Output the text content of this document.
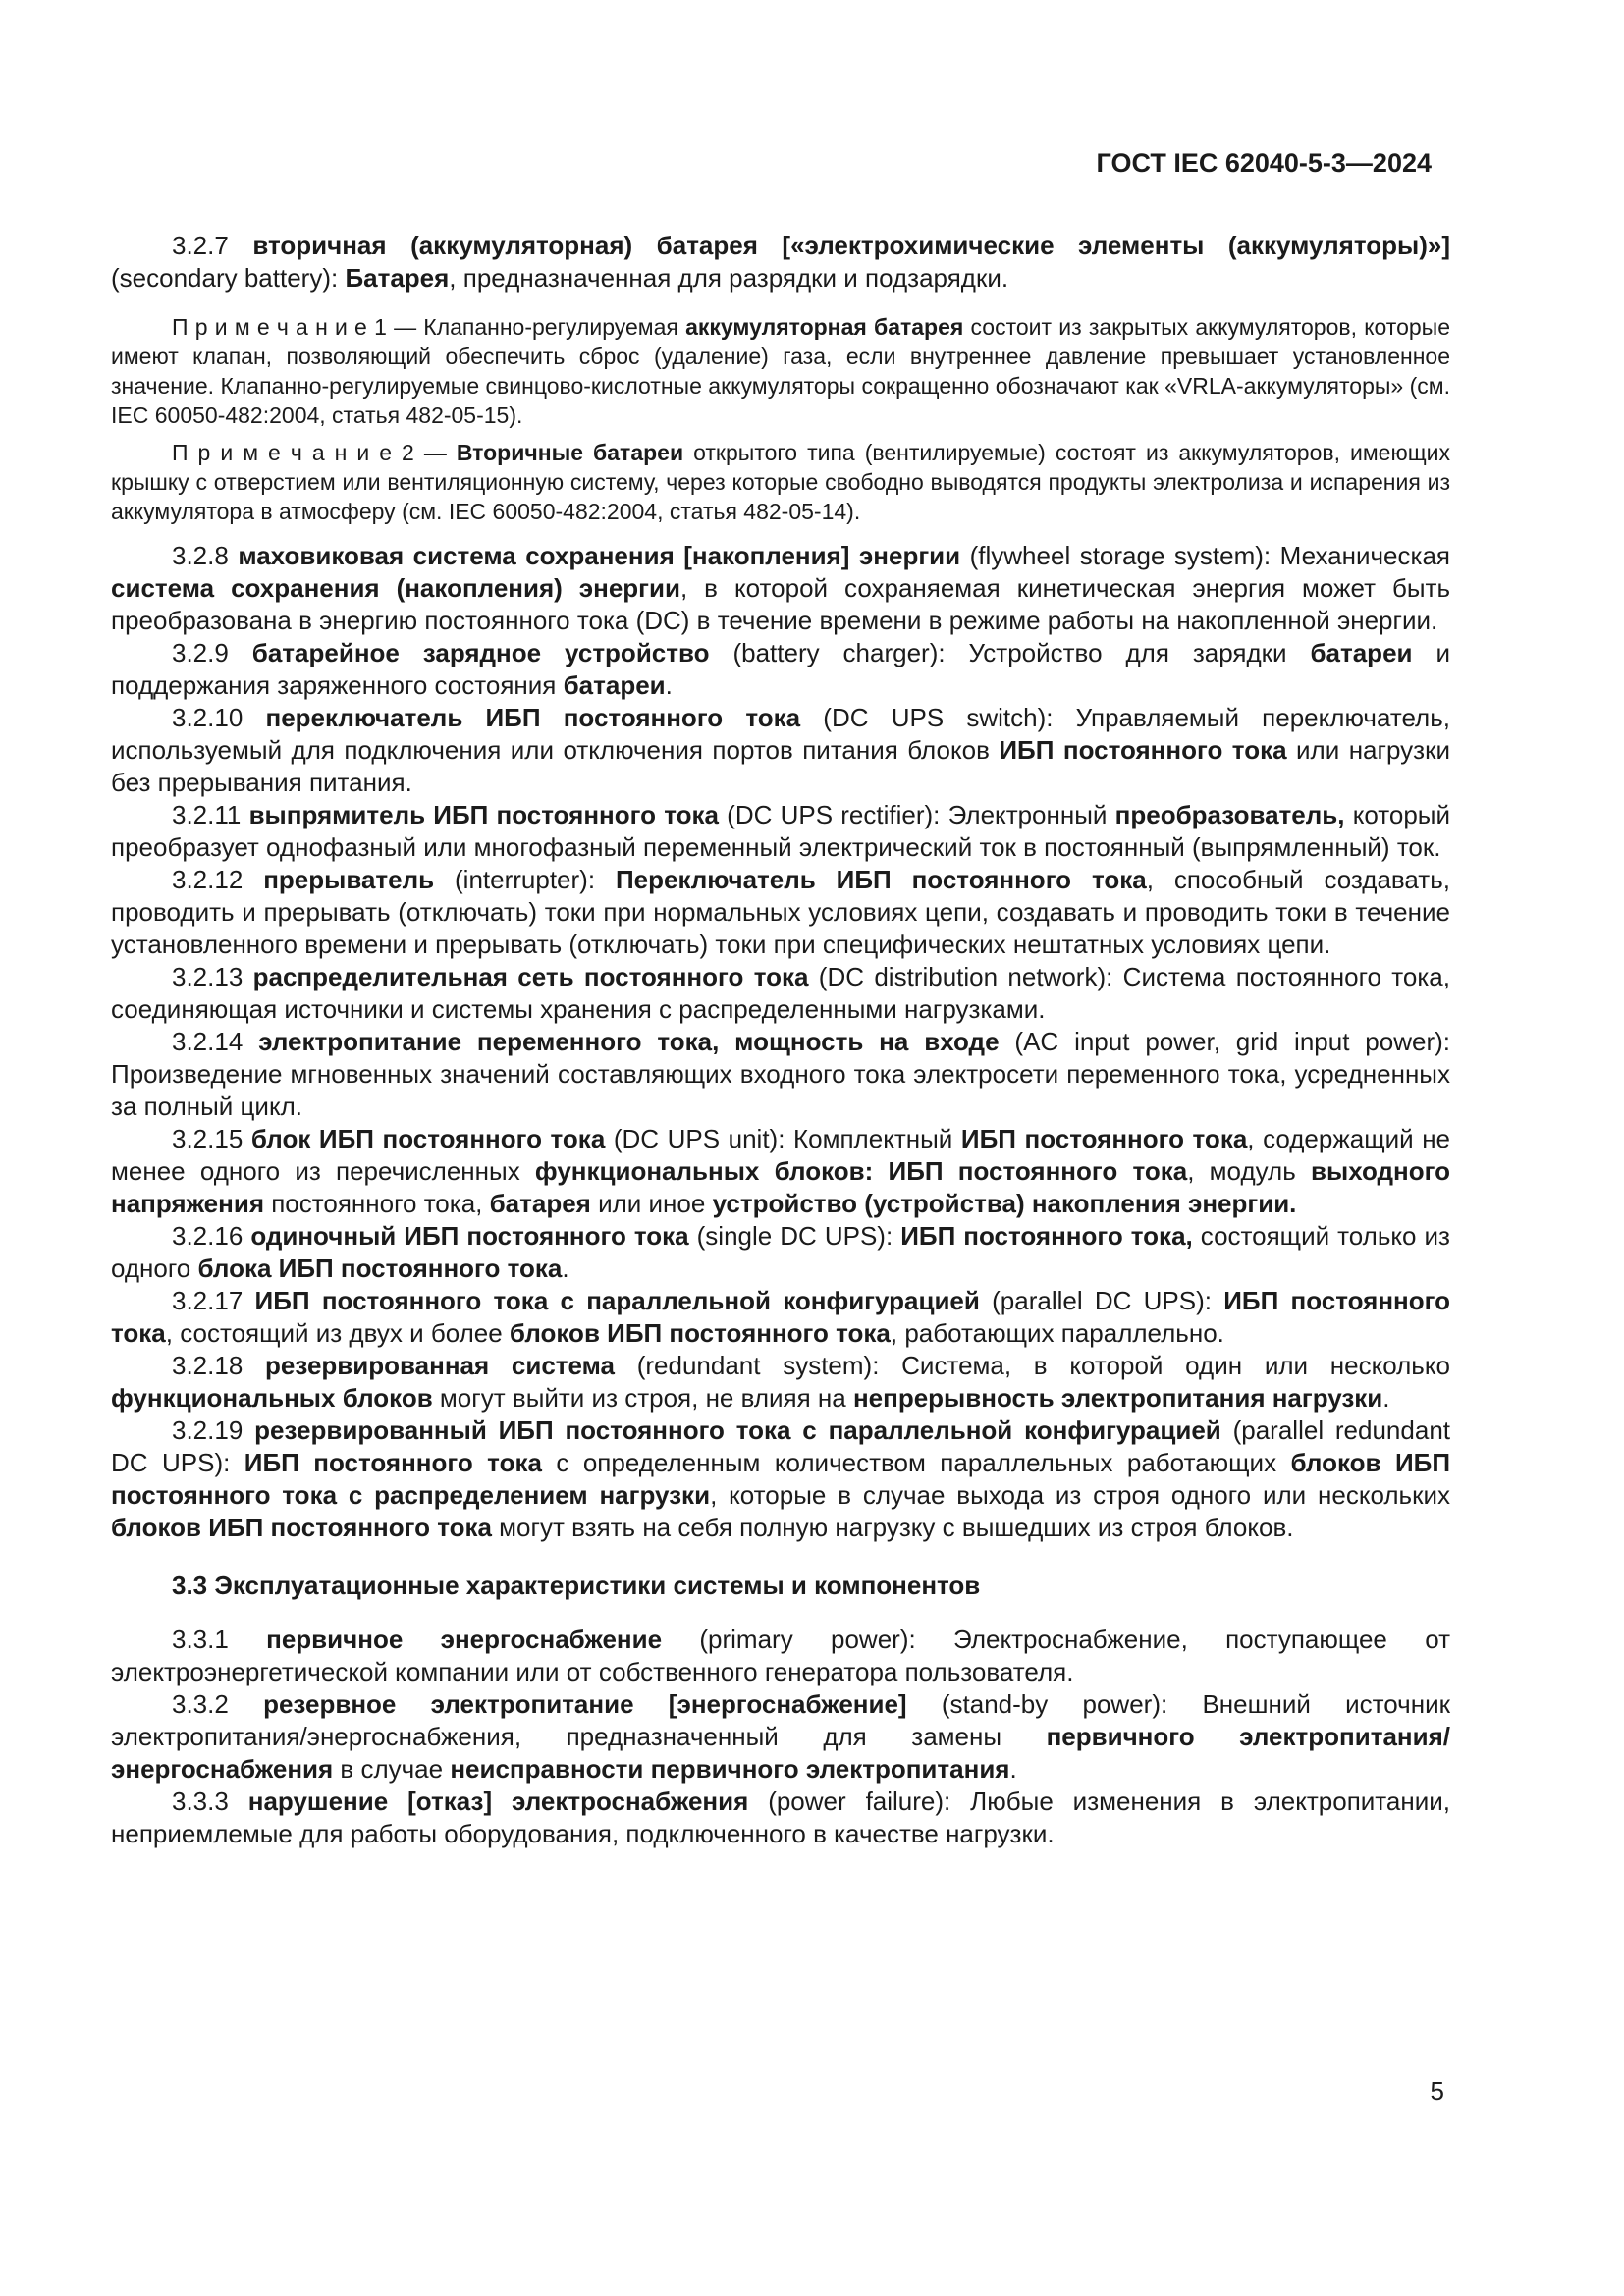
ГОСТ IEC 62040-5-3—2024

3.2.7 вторичная (аккумуляторная) батарея [«электрохимические элементы (аккумуляторы)»] (secondary battery): Батарея, предназначенная для разрядки и подзарядки.

П р и м е ч а н и е 1 — Клапанно-регулируемая аккумуляторная батарея состоит из закрытых аккумуляторов, которые имеют клапан, позволяющий обеспечить сброс (удаление) газа, если внутреннее давление превышает установленное значение. Клапанно-регулируемые свинцово-кислотные аккумуляторы сокращенно обозначают как «VRLA-аккумуляторы» (см. IEC 60050-482:2004, статья 482-05-15).

П р и м е ч а н и е 2 — Вторичные батареи открытого типа (вентилируемые) состоят из аккумуляторов, имеющих крышку с отверстием или вентиляционную систему, через которые свободно выводятся продукты электролиза и испарения из аккумулятора в атмосферу (см. IEC 60050-482:2004, статья 482-05-14).

3.2.8 маховиковая система сохранения [накопления] энергии (flywheel storage system): Механическая система сохранения (накопления) энергии, в которой сохраняемая кинетическая энергия может быть преобразована в энергию постоянного тока (DC) в течение времени в режиме работы на накопленной энергии.

3.2.9 батарейное зарядное устройство (battery charger): Устройство для зарядки батареи и поддержания заряженного состояния батареи.

3.2.10 переключатель ИБП постоянного тока (DC UPS switch): Управляемый переключатель, используемый для подключения или отключения портов питания блоков ИБП постоянного тока или нагрузки без прерывания питания.

3.2.11 выпрямитель ИБП постоянного тока (DC UPS rectifier): Электронный преобразователь, который преобразует однофазный или многофазный переменный электрический ток в постоянный (выпрямленный) ток.

3.2.12 прерыватель (interrupter): Переключатель ИБП постоянного тока, способный создавать, проводить и прерывать (отключать) токи при нормальных условиях цепи, создавать и проводить токи в течение установленного времени и прерывать (отключать) токи при специфических нештатных условиях цепи.

3.2.13 распределительная сеть постоянного тока (DC distribution network): Система постоянного тока, соединяющая источники и системы хранения с распределенными нагрузками.

3.2.14 электропитание переменного тока, мощность на входе (AC input power, grid input power): Произведение мгновенных значений составляющих входного тока электросети переменного тока, усредненных за полный цикл.

3.2.15 блок ИБП постоянного тока (DC UPS unit): Комплектный ИБП постоянного тока, содержащий не менее одного из перечисленных функциональных блоков: ИБП постоянного тока, модуль выходного напряжения постоянного тока, батарея или иное устройство (устройства) накопления энергии.

3.2.16 одиночный ИБП постоянного тока (single DC UPS): ИБП постоянного тока, состоящий только из одного блока ИБП постоянного тока.

3.2.17 ИБП постоянного тока с параллельной конфигурацией (parallel DC UPS): ИБП постоянного тока, состоящий из двух и более блоков ИБП постоянного тока, работающих параллельно.

3.2.18 резервированная система (redundant system): Система, в которой один или несколько функциональных блоков могут выйти из строя, не влияя на непрерывность электропитания нагрузки.

3.2.19 резервированный ИБП постоянного тока с параллельной конфигурацией (parallel redundant DC UPS): ИБП постоянного тока с определенным количеством параллельных работающих блоков ИБП постоянного тока с распределением нагрузки, которые в случае выхода из строя одного или нескольких блоков ИБП постоянного тока могут взять на себя полную нагрузку с вышедших из строя блоков.

3.3 Эксплуатационные характеристики системы и компонентов

3.3.1 первичное энергоснабжение (primary power): Электроснабжение, поступающее от электроэнергетической компании или от собственного генератора пользователя.

3.3.2 резервное электропитание [энергоснабжение] (stand-by power): Внешний источник электропитания/энергоснабжения, предназначенный для замены первичного электропитания/энергоснабжения в случае неисправности первичного электропитания.

3.3.3 нарушение [отказ] электроснабжения (power failure): Любые изменения в электропитании, неприемлемые для работы оборудования, подключенного в качестве нагрузки.

5
